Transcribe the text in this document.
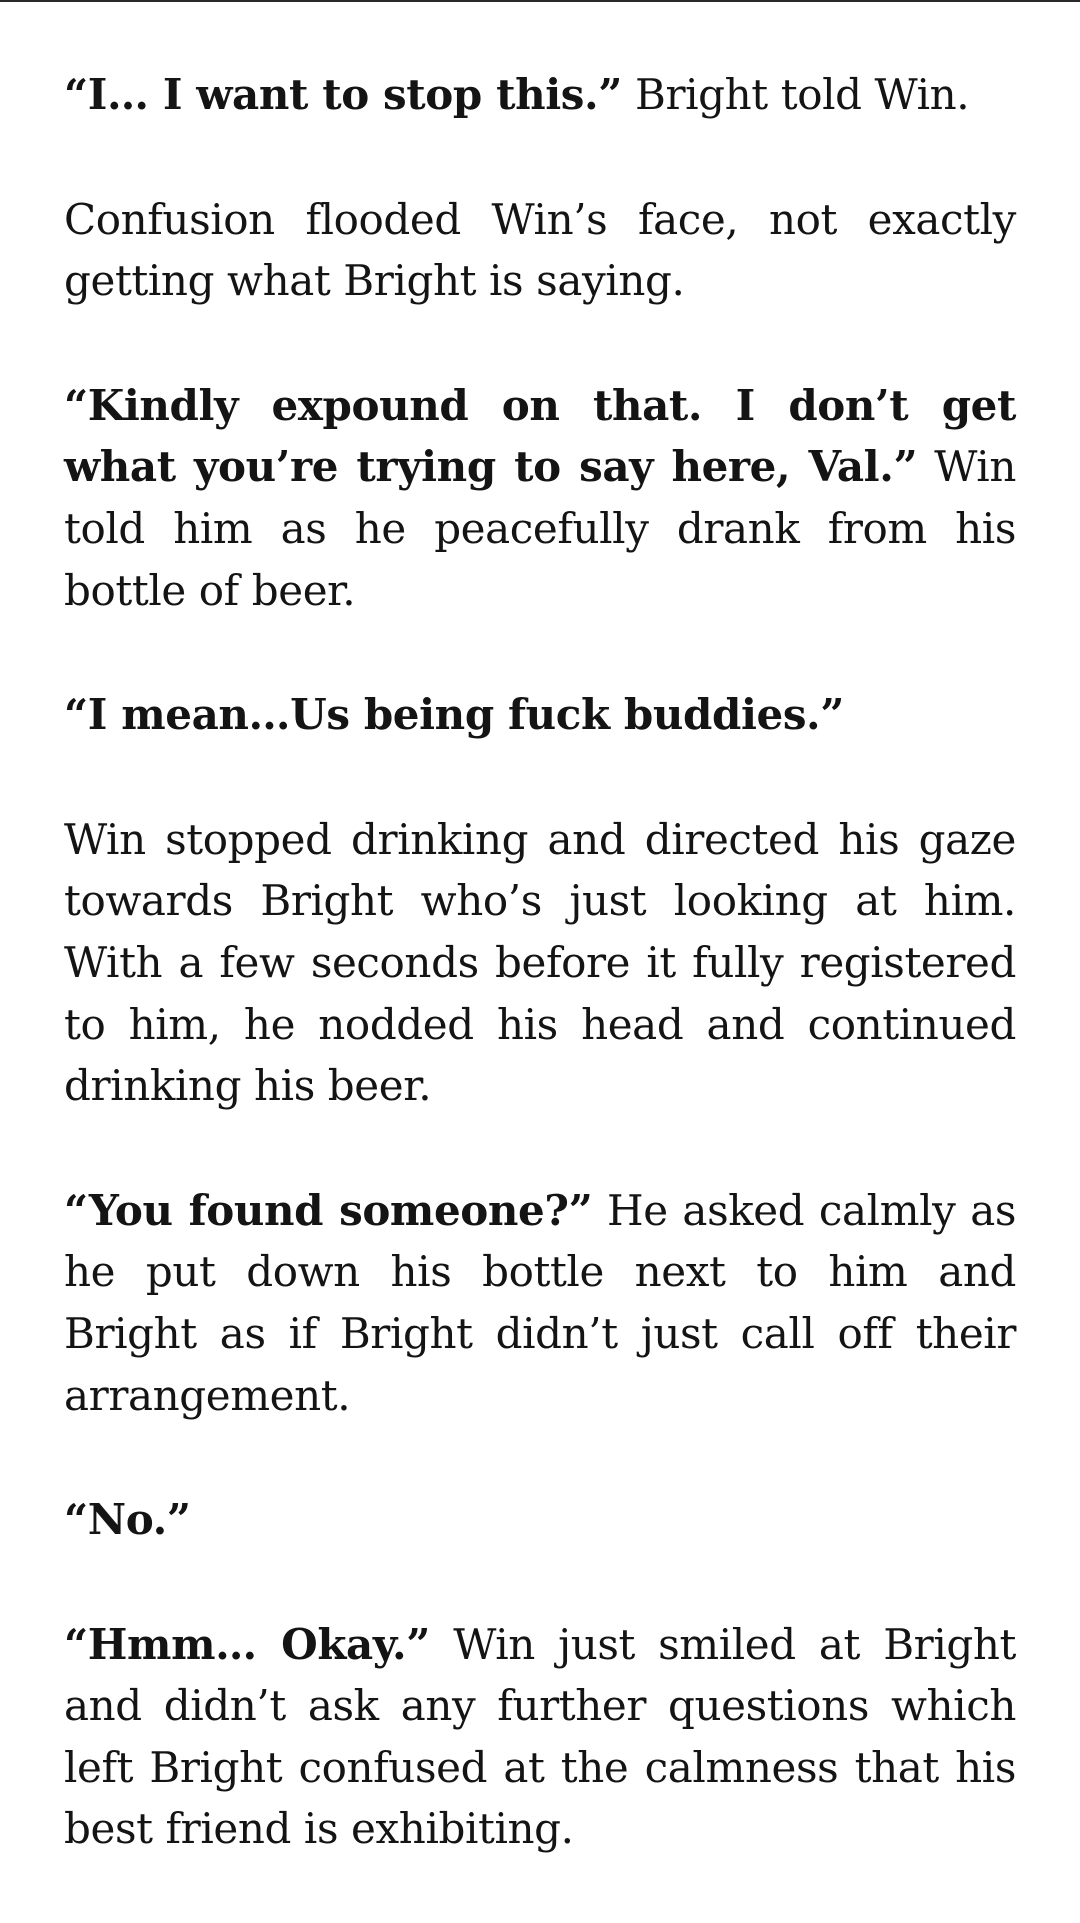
“I… I want to stop this.” Bright told Win.

Confusion flooded Win’s face, not exactly getting what Bright is saying.

“Kindly expound on that. I don’t get what you’re trying to say here, Val.” Win told him as he peacefully drank from his bottle of beer.

“I mean…Us being fuck buddies.”

Win stopped drinking and directed his gaze towards Bright who’s just looking at him. With a few seconds before it fully registered to him, he nodded his head and continued drinking his beer.

“You found someone?” He asked calmly as he put down his bottle next to him and Bright as if Bright didn’t just call off their arrangement.

“No.”

“Hmm… Okay.” Win just smiled at Bright and didn’t ask any further questions which left Bright confused at the calmness that his best friend is exhibiting.
